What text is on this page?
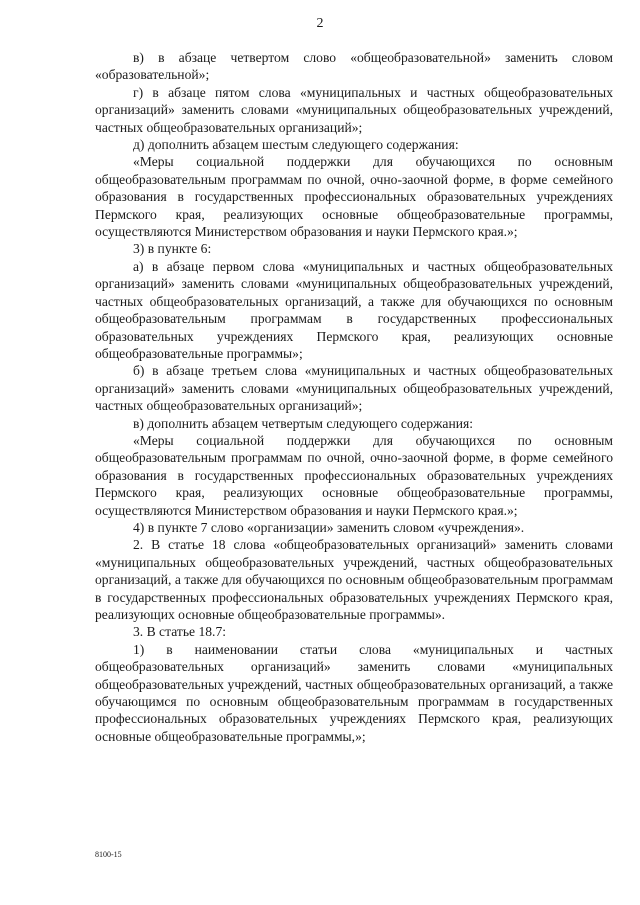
2

в) в абзаце четвертом слово «общеобразовательной» заменить словом «образовательной»;

г) в абзаце пятом слова «муниципальных и частных общеобразовательных организаций» заменить словами «муниципальных общеобразовательных учреждений, частных общеобразовательных организаций»;

д) дополнить абзацем шестым следующего содержания:

«Меры социальной поддержки для обучающихся по основным общеобразовательным программам по очной, очно-заочной форме, в форме семейного образования в государственных профессиональных образовательных учреждениях Пермского края, реализующих основные общеобразовательные программы, осуществляются Министерством образования и науки Пермского края.»;

3) в пункте 6:

а) в абзаце первом слова «муниципальных и частных общеобразовательных организаций» заменить словами «муниципальных общеобразовательных учреждений, частных общеобразовательных организаций, а также для обучающихся по основным общеобразовательным программам в государственных профессиональных образовательных учреждениях Пермского края, реализующих основные общеобразовательные программы»;

б) в абзаце третьем слова «муниципальных и частных общеобразовательных организаций» заменить словами «муниципальных общеобразовательных учреждений, частных общеобразовательных организаций»;

в) дополнить абзацем четвертым следующего содержания:

«Меры социальной поддержки для обучающихся по основным общеобразовательным программам по очной, очно-заочной форме, в форме семейного образования в государственных профессиональных образовательных учреждениях Пермского края, реализующих основные общеобразовательные программы, осуществляются Министерством образования и науки Пермского края.»;

4) в пункте 7 слово «организации» заменить словом «учреждения».

2. В статье 18 слова «общеобразовательных организаций» заменить словами «муниципальных общеобразовательных учреждений, частных общеобразовательных организаций, а также для обучающихся по основным общеобразовательным программам в государственных профессиональных образовательных учреждениях Пермского края, реализующих основные общеобразовательные программы».

3. В статье 18.7:

1) в наименовании статьи слова «муниципальных и частных общеобразовательных организаций» заменить словами «муниципальных общеобразовательных учреждений, частных общеобразовательных организаций, а также обучающимся по основным общеобразовательным программам в государственных профессиональных образовательных учреждениях Пермского края, реализующих основные общеобразовательные программы,»;

8100-15
